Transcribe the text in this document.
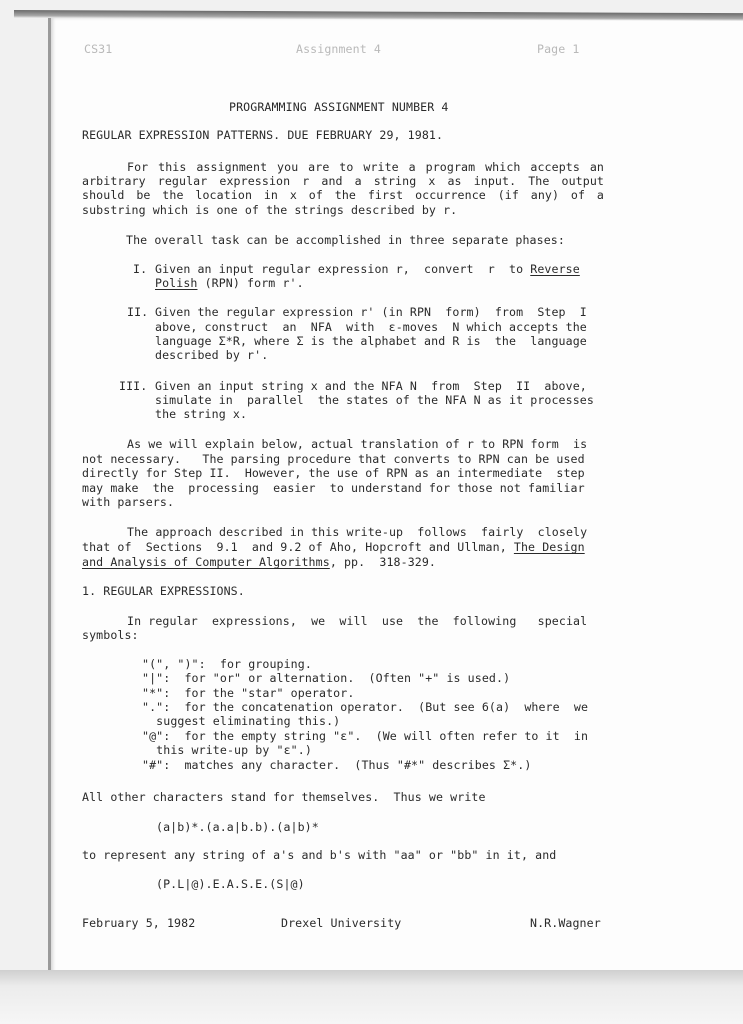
CS31	Assignment 4	Page 1
PROGRAMMING ASSIGNMENT NUMBER 4
REGULAR EXPRESSION PATTERNS. DUE FEBRUARY 29, 1981.
For this assignment you are to write a program which accepts an
arbitrary regular expression r and a string x as input. The output
should be the location in x of the first occurrence (if any) of a
substring which is one of the strings described by r.
The overall task can be accomplished in three separate phases:
I. Given an input regular expression r,  convert  r  to Reverse
Polish (RPN) form r'.
II. Given the regular expression r' (in RPN  form)  from  Step  I
above, construct  an  NFA  with  ε-moves  N which accepts the
language Σ*R, where Σ is the alphabet and R is  the  language
described by r'.
III. Given an input string x and the NFA N  from  Step  II  above,
simulate in  parallel  the states of the NFA N as it processes
the string x.
As we will explain below, actual translation of r to RPN form  is
not necessary.   The parsing procedure that converts to RPN can be used
directly for Step II.  However, the use of RPN as an intermediate  step
may make  the  processing  easier  to understand for those not familiar
with parsers.
The approach described in this write-up  follows  fairly  closely
that of  Sections  9.1  and 9.2 of Aho, Hopcroft and Ullman, The Design
and Analysis of Computer Algorithms, pp.  318-329.
1. REGULAR EXPRESSIONS.
In regular  expressions,  we  will  use  the  following   special
symbols:
"(", ")":  for grouping.
"|":  for "or" or alternation.  (Often "+" is used.)
"*":  for the "star" operator.
".":  for the concatenation operator.  (But see 6(a)  where  we
suggest eliminating this.)
"@":  for the empty string "ε".  (We will often refer to it  in
this write-up by "ε".)
"#":  matches any character.  (Thus "#*" describes Σ*.)
All other characters stand for themselves.  Thus we write
(a|b)*.(a.a|b.b).(a|b)*
to represent any string of a's and b's with "aa" or "bb" in it, and
(P.L|@).E.A.S.E.(S|@)
February 5, 1982	Drexel University	N.R.Wagner
